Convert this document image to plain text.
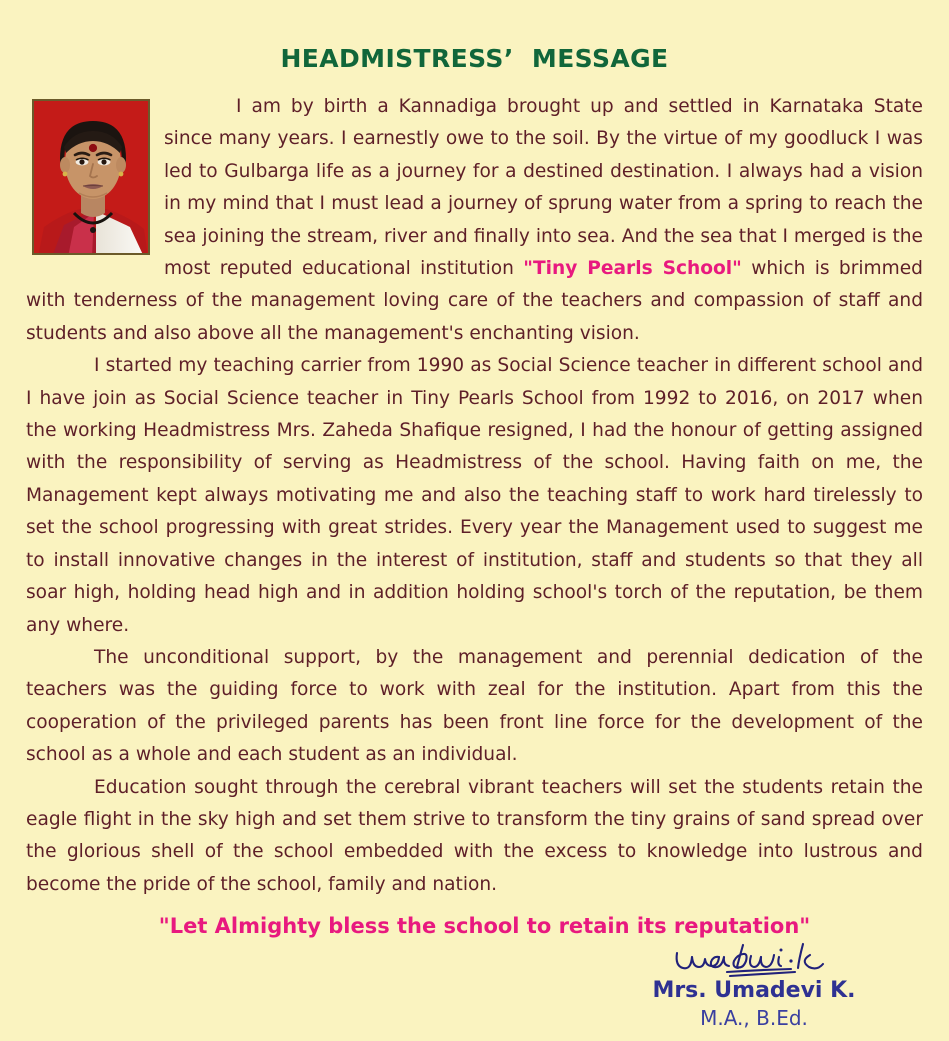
HEADMISTRESS’  MESSAGE

I am by birth a Kannadiga brought up and settled in Karnataka State since many years. I earnestly owe to the soil. By the virtue of my goodluck I was led to Gulbarga life as a journey for a destined destination. I always had a vision in my mind that I must lead a journey of sprung water from a spring to reach the sea joining the stream, river and finally into sea. And the sea that I merged is the most reputed educational institution "Tiny Pearls School" which is brimmed with tenderness of the management loving care of the teachers and compassion of staff and students and also above all the management's enchanting vision.

I started my teaching carrier from 1990 as Social Science teacher in different school and I have join as Social Science teacher in Tiny Pearls School from 1992 to 2016, on 2017 when the working Headmistress Mrs. Zaheda Shafique resigned, I had the honour of getting assigned with the responsibility of serving as Headmistress of the school. Having faith on me, the Management kept always motivating me and also the teaching staff to work hard tirelessly to set the school progressing with great strides. Every year the Management used to suggest me to install innovative changes in the interest of institution, staff and students so that they all soar high, holding head high and in addition holding school's torch of the reputation, be them any where.

The unconditional support, by the management and perennial dedication of the teachers was the guiding force to work with zeal for the institution. Apart from this the cooperation of the privileged parents has been front line force for the development of the school as a whole and each student as an individual.

Education sought through the cerebral vibrant teachers will set the students retain the eagle flight in the sky high and set them strive to transform the tiny grains of sand spread over the glorious shell of the school embedded with the excess to knowledge into lustrous and become the pride of the school, family and nation.

"Let Almighty bless the school to retain its reputation"

Mrs. Umadevi K.
M.A., B.Ed.
